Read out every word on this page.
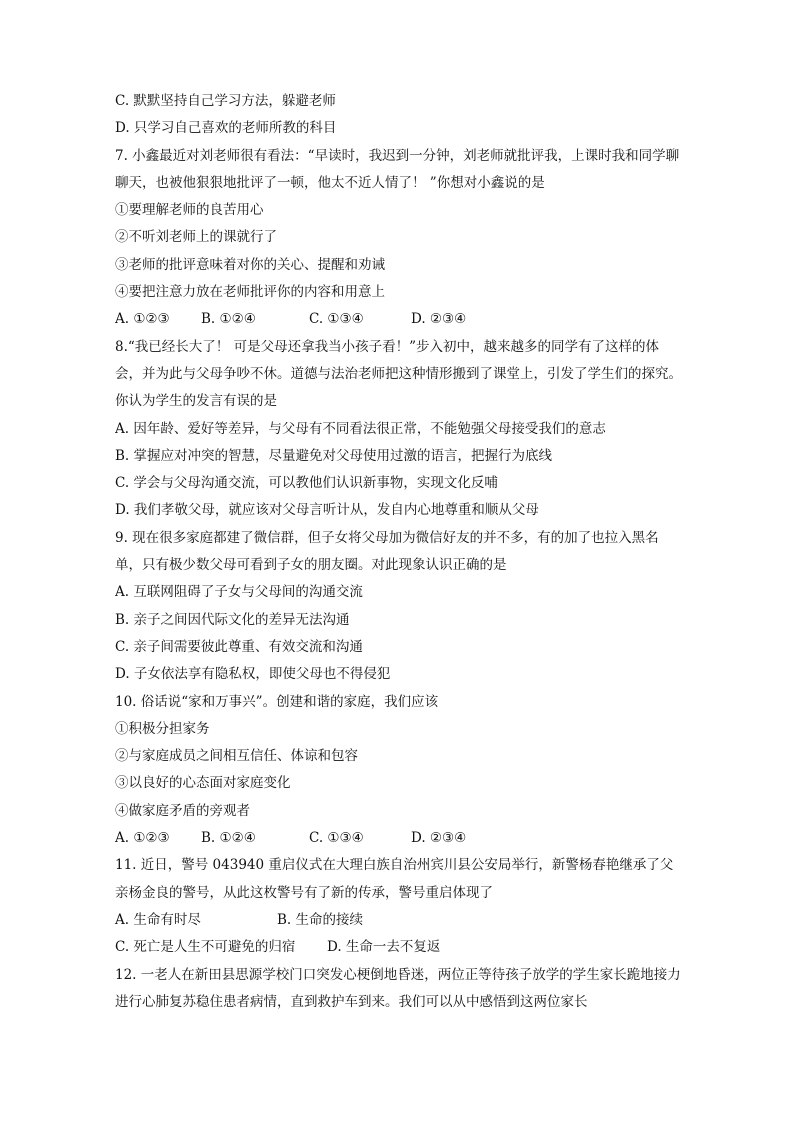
C. 默默坚持自己学习方法，躲避老师
D. 只学习自己喜欢的老师所教的科目
7. 小鑫最近对刘老师很有看法：“早读时，我迟到一分钟，刘老师就批评我，上课时我和同学聊聊天，也被他狠狠地批评了一顿，他太不近人情了！ ”你想对小鑫说的是
①要理解老师的良苦用心
②不听刘老师上的课就行了
③老师的批评意味着对你的关心、提醒和劝诫
④要把注意力放在老师批评你的内容和用意上
A. ①②③	B. ①②④	C. ①③④	D. ②③④
8.“我已经长大了！ 可是父母还拿我当小孩子看！”步入初中，越来越多的同学有了这样的体会，并为此与父母争吵不休。道德与法治老师把这种情形搬到了课堂上，引发了学生们的探究。你认为学生的发言有误的是
A. 因年龄、爱好等差异，与父母有不同看法很正常，不能勉强父母接受我们的意志
B. 掌握应对冲突的智慧，尽量避免对父母使用过激的语言，把握行为底线
C. 学会与父母沟通交流，可以教他们认识新事物，实现文化反哺
D. 我们孝敬父母，就应该对父母言听计从，发自内心地尊重和顺从父母
9. 现在很多家庭都建了微信群，但子女将父母加为微信好友的并不多，有的加了也拉入黑名单，只有极少数父母可看到子女的朋友圈。对此现象认识正确的是
A. 互联网阻碍了子女与父母间的沟通交流
B. 亲子之间因代际文化的差异无法沟通
C. 亲子间需要彼此尊重、有效交流和沟通
D. 子女依法享有隐私权，即使父母也不得侵犯
10. 俗话说“家和万事兴”。创建和谐的家庭，我们应该
①积极分担家务
②与家庭成员之间相互信任、体谅和包容
③以良好的心态面对家庭变化
④做家庭矛盾的旁观者
A. ①②③	B. ①②④	C. ①③④	D. ②③④
11. 近日，警号 043940 重启仪式在大理白族自治州宾川县公安局举行，新警杨春艳继承了父亲杨金良的警号，从此这枚警号有了新的传承，警号重启体现了
A. 生命有时尽	B. 生命的接续
C. 死亡是人生不可避免的归宿	D. 生命一去不复返
12. 一老人在新田县思源学校门口突发心梗倒地昏迷，两位正等待孩子放学的学生家长跪地接力进行心肺复苏稳住患者病情，直到救护车到来。我们可以从中感悟到这两位家长
